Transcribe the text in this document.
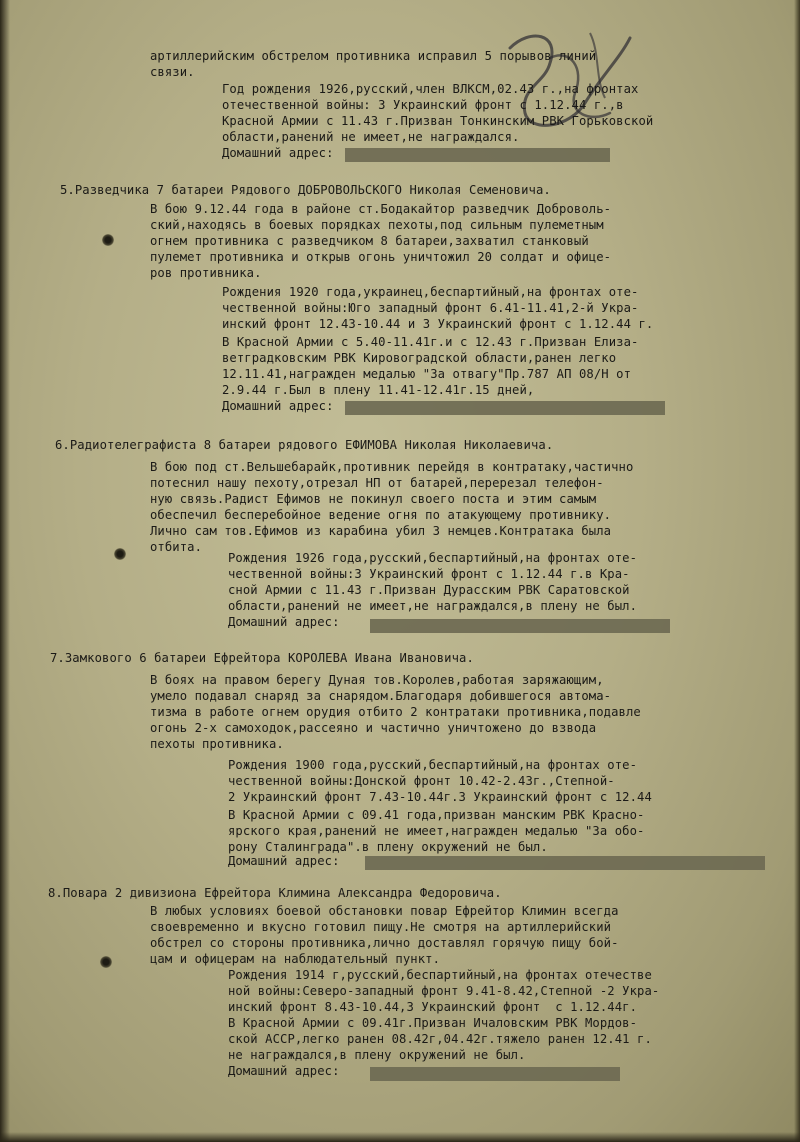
артиллерийским обстрелом противника исправил 5 порывов линий

связи.

Год рождения 1926,русский,член ВЛКСМ,02.43 г.,на фронтах

отечественной войны: 3 Украинский фронт с 1.12.44 г.,в

Красной Армии с 11.43 г.Призван Тонкинским РВК Горьковской

области,ранений не имеет,не награждался.

Домашний адрес:

5.Разведчика 7 батареи Рядового ДОБРОВОЛЬСКОГО Николая Семеновича.

В бою 9.12.44 года в районе ст.Бодакайтор разведчик Доброволь-

ский,находясь в боевых порядках пехоты,под сильным пулеметным

огнем противника с разведчиком 8 батареи,захватил станковый

пулемет противника и открыв огонь уничтожил 20 солдат и офице-

ров противника.

Рождения 1920 года,украинец,беспартийный,на фронтах оте-

чественной войны:Юго западный фронт 6.41-11.41,2-й Укра-

инский фронт 12.43-10.44 и 3 Украинский фронт с 1.12.44 г.

В Красной Армии с 5.40-11.41г.и с 12.43 г.Призван Елиза-

ветградковским РВК Кировоградской области,ранен легко

12.11.41,награжден медалью "За отвагу"Пр.787 АП 08/Н от

2.9.44 г.Был в плену 11.41-12.41г.15 дней,

Домашний адрес:

6.Радиотелеграфиста 8 батареи рядового ЕФИМОВА Николая Николаевича.

В бою под ст.Вельшебарайк,противник перейдя в контратаку,частично

потеснил нашу пехоту,отрезал НП от батарей,перерезал телефон-

ную связь.Радист Ефимов не покинул своего поста и этим самым

обеспечил бесперебойное ведение огня по атакующему противнику.

Лично сам тов.Ефимов из карабина убил 3 немцев.Контратака была

отбита.

Рождения 1926 года,русский,беспартийный,на фронтах оте-

чественной войны:3 Украинский фронт с 1.12.44 г.в Кра-

сной Армии с 11.43 г.Призван Дурасским РВК Саратовской

области,ранений не имеет,не награждался,в плену не был.

Домашний адрес:

7.Замкового 6 батареи Ефрейтора КОРОЛЕВА Ивана Ивановича.

В боях на правом берегу Дуная тов.Королев,работая заряжающим,

умело подавал снаряд за снарядом.Благодаря добившегося автома-

тизма в работе огнем орудия отбито 2 контратаки противника,подавле

огонь 2-х самоходок,рассеяно и частично уничтожено до взвода

пехоты противника.

Рождения 1900 года,русский,беспартийный,на фронтах оте-

чественной войны:Донской фронт 10.42-2.43г.,Степной-

2 Украинский фронт 7.43-10.44г.3 Украинский фронт с 12.44

В Красной Армии с 09.41 года,призван манским РВК Красно-

ярского края,ранений не имеет,награжден медалью "За обо-

рону Сталинграда".в плену окружений не был.

Домашний адрес:

8.Повара 2 дивизиона Ефрейтора Климина Александра Федоровича.

В любых условиях боевой обстановки повар Ефрейтор Климин всегда

своевременно и вкусно готовил пищу.Не смотря на артиллерийский

обстрел со стороны противника,лично доставлял горячую пищу бой-

цам и офицерам на наблюдательный пункт.

Рождения 1914 г,русский,беспартийный,на фронтах отечестве

ной войны:Северо-западный фронт 9.41-8.42,Степной -2 Укра-

инский фронт 8.43-10.44,3 Украинский фронт  с 1.12.44г.

В Красной Армии с 09.41г.Призван Ичаловским РВК Мордов-

ской АССР,легко ранен 08.42г,04.42г.тяжело ранен 12.41 г.

не награждался,в плену окружений не был.

Домашний адрес:
